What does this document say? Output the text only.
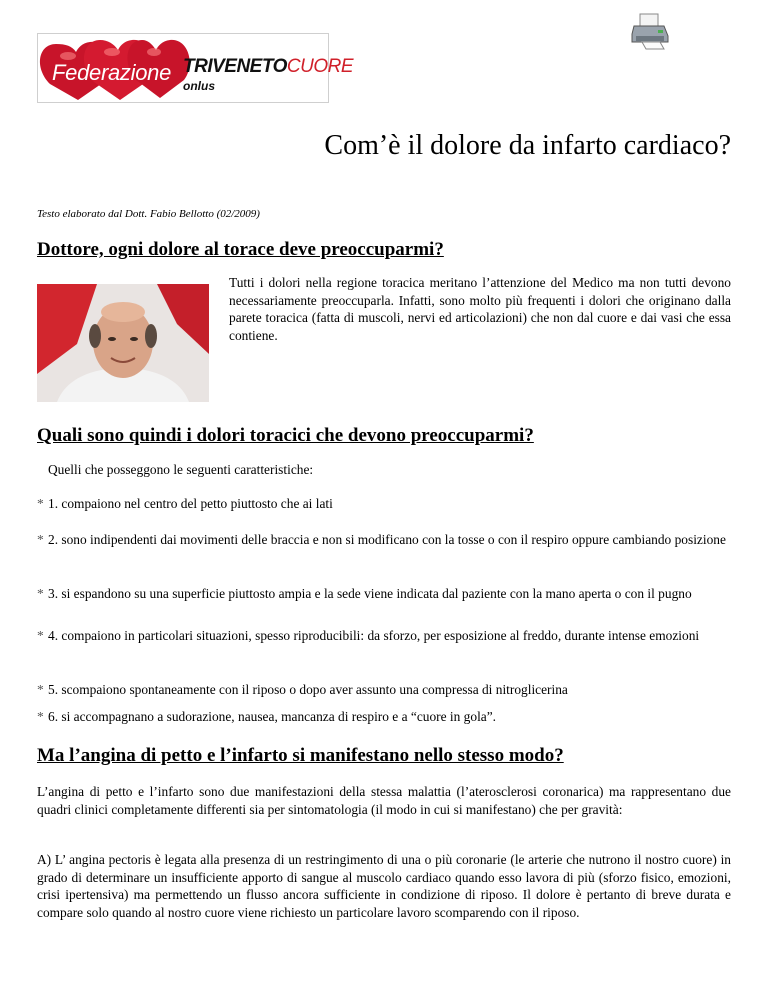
Federazione TRIVENETOCUORE
onlus
Com’è il dolore da infarto cardiaco?
Testo elaborato dal Dott. Fabio Bellotto (02/2009)
Dottore, ogni dolore al torace deve preoccuparmi?

Tutti i dolori nella regione toracica meritano l’attenzione del Medico ma non tutti devono necessariamente preoccuparla. Infatti, sono molto più frequenti i dolori che originano dalla parete toracica (fatta di muscoli, nervi ed articolazioni) che non dal cuore e dai vasi che essa contiene.

Quali sono quindi i dolori toracici che devono preoccuparmi?

Quelli che posseggono le seguenti caratteristiche:

* 1. compaiono nel centro del petto piuttosto che ai lati

* 2. sono indipendenti dai movimenti delle braccia e non si modificano con la tosse o con il respiro oppure cambiando posizione

* 3. si espandono su una superficie piuttosto ampia e la sede viene indicata dal paziente con la mano aperta o con il pugno

* 4. compaiono in particolari situazioni, spesso riproducibili: da sforzo, per esposizione al freddo, durante intense emozioni

* 5. scompaiono spontaneamente con il riposo o dopo aver assunto una compressa di nitroglicerina

Ma l’angina di petto e l’infarto si manifestano nello stesso modo?

L’angina di petto e l’infarto sono due manifestazioni della stessa malattia (l’aterosclerosi coronarica) ma rappresentano due quadri clinici completamente differenti sia per sintomatologia (il modo in cui si manifestano) che per gravità:

A) L’ angina pectoris è legata alla presenza di un restringimento di una o più coronarie (le arterie che nutrono il nostro cuore) in grado di determinare un insufficiente apporto di sangue al muscolo cardiaco quando esso lavora di più (sforzo fisico, emozioni, crisi ipertensiva) ma permettendo un flusso ancora sufficiente in condizione di riposo. Il dolore è pertanto di breve durata e compare solo quando al nostro cuore viene richiesto un particolare lavoro scomparendo con il riposo.

* 6. si accompagnano a sudorazione, nausea, mancanza di respiro e a “cuore in gola”.
